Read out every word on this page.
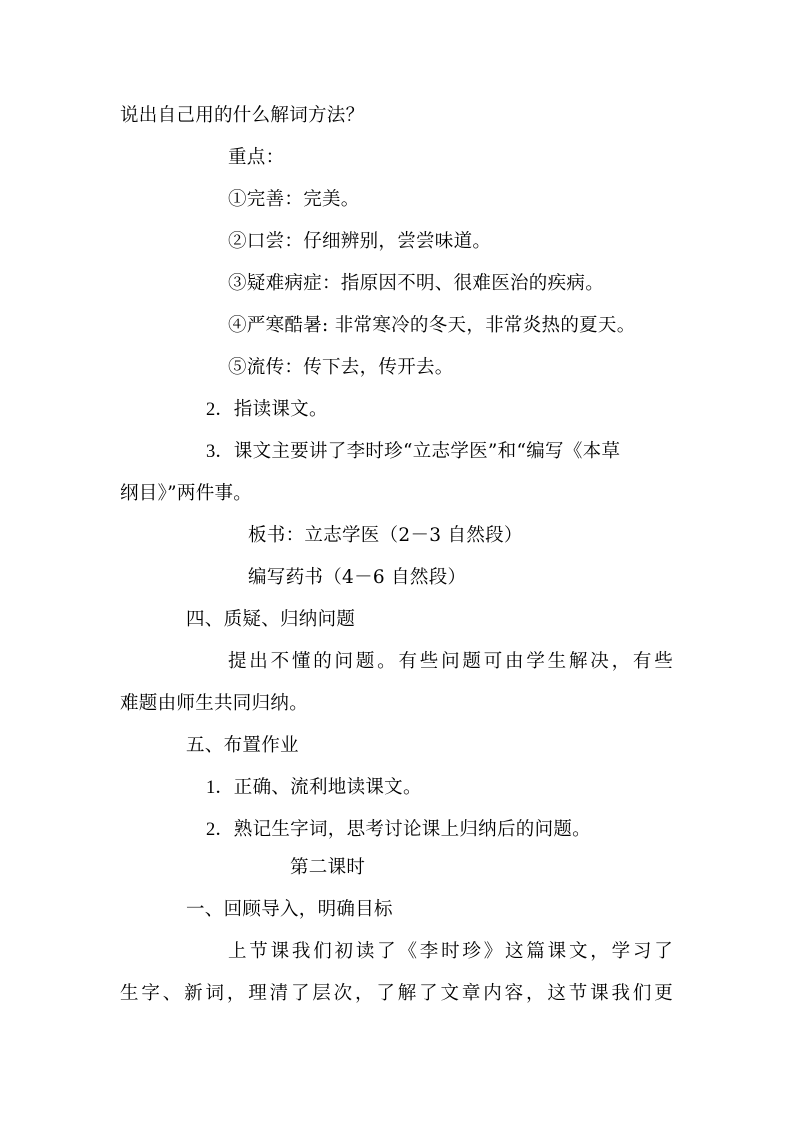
说出自己用的什么解词方法？
重点：
①完善：完美。
②口尝：仔细辨别，尝尝味道。
③疑难病症：指原因不明、很难医治的疾病。
④严寒酷暑: 非常寒冷的冬天，非常炎热的夏天。
⑤流传：传下去，传开去。
2．指读课文。
3．课文主要讲了李时珍“立志学医”和“编写《本草
纲目》”两件事。
板书：立志学医（2－3 自然段）
编写药书（4－6 自然段）
四、质疑、归纳问题
提出不懂的问题。有些问题可由学生解决，有些
难题由师生共同归纳。
五、布置作业
1．正确、流利地读课文。
2．熟记生字词，思考讨论课上归纳后的问题。
第二课时
一、回顾导入，明确目标
上节课我们初读了《李时珍》这篇课文，学习了
生字、新词，理清了层次，了解了文章内容，这节课我们更
